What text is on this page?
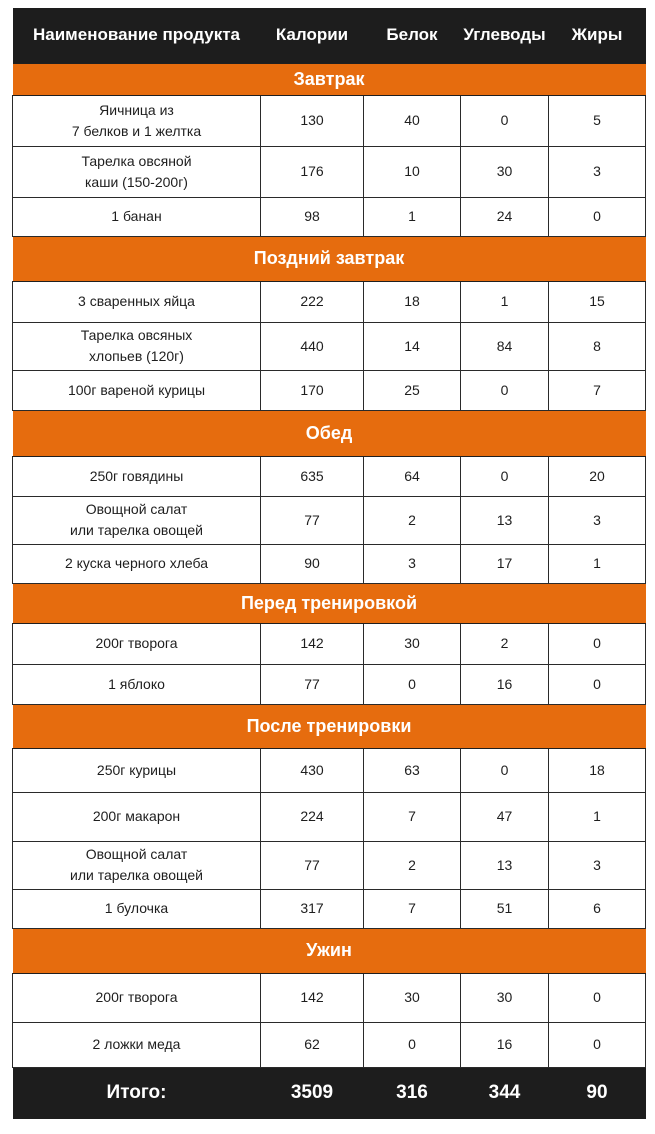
Наименование продукта	Калории	Белок	Углеводы	Жиры
Завтрак				
Яичница из
7 белков и 1 желтка	130	40	0	5
Тарелка овсяной
каши (150-200г)	176	10	30	3
1 банан	98	1	24	0
Поздний завтрак				
3 сваренных яйца	222	18	1	15
Тарелка овсяных
хлопьев (120г)	440	14	84	8
100г вареной курицы	170	25	0	7
Обед				
250г говядины	635	64	0	20
Овощной салат
или тарелка овощей	77	2	13	3
2 куска черного хлеба	90	3	17	1
Перед тренировкой				
200г творога	142	30	2	0
1 яблоко	77	0	16	0
После тренировки				
250г курицы	430	63	0	18
200г макарон	224	7	47	1
Овощной салат
или тарелка овощей	77	2	13	3
1 булочка	317	7	51	6
Ужин				
200г творога	142	30	30	0
2 ложки меда	62	0	16	0
Итого:	3509	316	344	90
